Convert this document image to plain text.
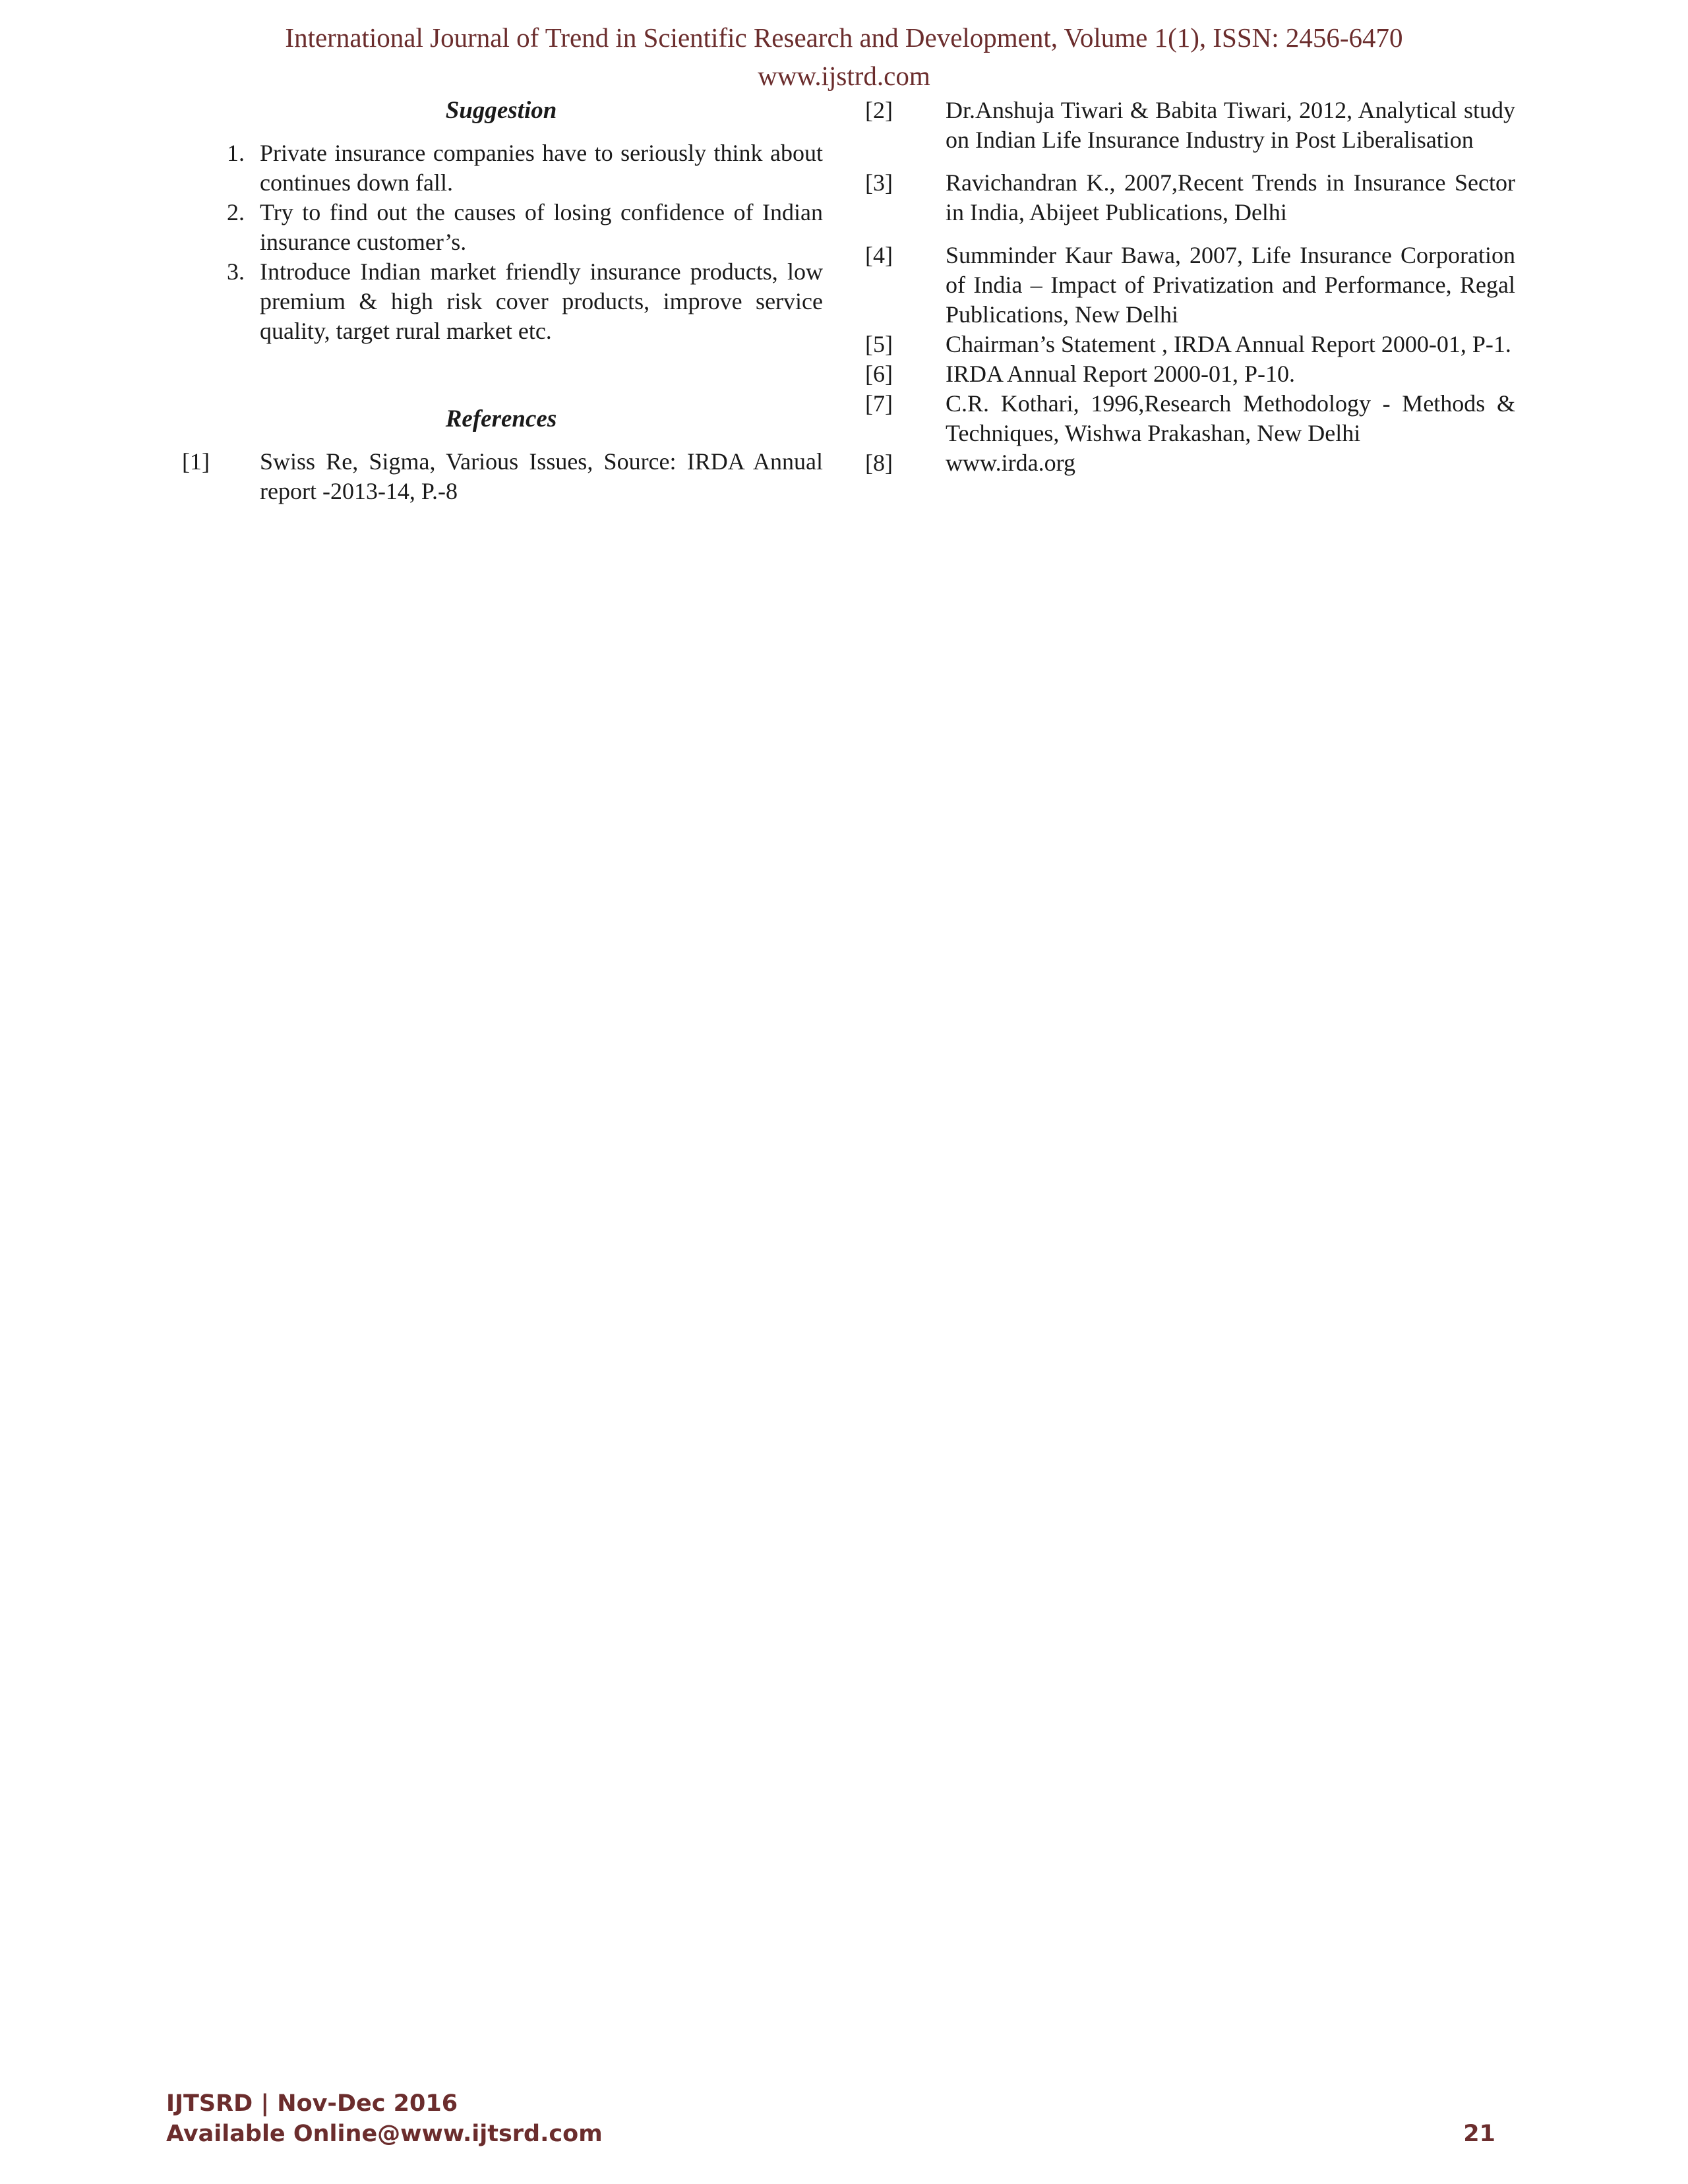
International Journal of Trend in Scientific Research and Development, Volume 1(1), ISSN: 2456-6470
www.ijstrd.com
Suggestion
1. Private insurance companies have to seriously think about continues down fall.
2. Try to find out the causes of losing confidence of Indian insurance customer’s.
3. Introduce Indian market friendly insurance products, low premium & high risk cover products, improve service quality, target rural market etc.
References
[1]	Swiss Re, Sigma, Various Issues, Source: IRDA Annual report -2013-14, P.-8
[2]	Dr.Anshuja Tiwari & Babita Tiwari, 2012, Analytical study on Indian Life Insurance Industry in Post Liberalisation
[3]	Ravichandran K., 2007,Recent Trends in Insurance Sector in India, Abijeet Publications, Delhi
[4]	Summinder Kaur Bawa, 2007, Life Insurance Corporation of India – Impact of Privatization and Performance, Regal Publications, New Delhi
[5]	Chairman’s Statement , IRDA Annual Report 2000-01, P-1.
[6]	IRDA Annual Report 2000-01, P-10.
[7]	C.R. Kothari, 1996,Research Methodology - Methods & Techniques, Wishwa Prakashan, New Delhi
[8]	www.irda.org
IJTSRD | Nov-Dec 2016
Available Online@www.ijtsrd.com	21
